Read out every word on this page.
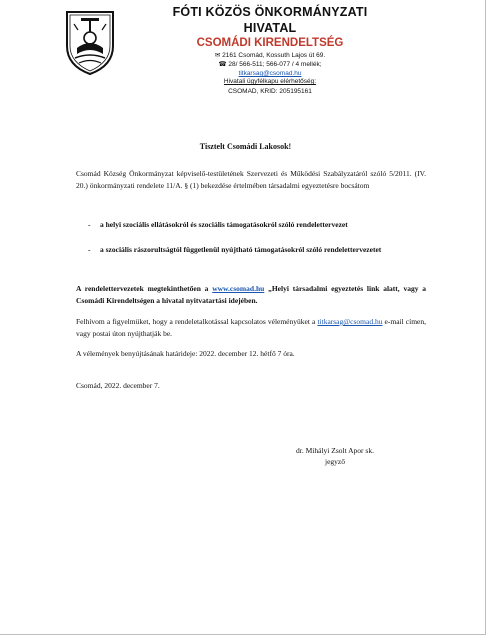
FÓTI KÖZÖS ÖNKORMÁNYZATI HIVATAL
CSOMÁDI KIRENDELTSÉG
✉ 2161 Csomád, Kossuth Lajos út 69.
☎ 28/ 566-511; 566-077 / 4 mellék;
titkarsag@csomad.hu
Hivatali ügyfélkapu elérhetőség:
CSOMAD, KRID: 205195161
Tisztelt Csomádi Lakosok!
Csomád Község Önkormányzat képviselő-testületének Szervezeti és Működési Szabályzatáról szóló 5/2011. (IV. 20.) önkormányzati rendelete 11/A. § (1) bekezdése értelmében társadalmi egyeztetésre bocsátom
- a helyi szociális ellátásokról és szociális támogatásokról szóló rendelettervezet
- a szociális rászorultságtól függetlenül nyújtható támogatásokról szóló rendelettervezetet
A rendelettervezetek megtekinthetően a www.csomad.hu „Helyi társadalmi egyeztetés link alatt, vagy a Csomádi Kirendeltségen a hivatal nyitvatartási idejében.
Felhívom a figyelmüket, hogy a rendeletalkotással kapcsolatos véleményüket a titkarsag@csomad.hu e-mail címen, vagy postai úton nyújthatják be.
A vélemények benyújtásának határideje: 2022. december 12. hétfő 7 óra.
Csomád, 2022. december 7.
dr. Mihályi Zsolt Apor sk.
jegyző
